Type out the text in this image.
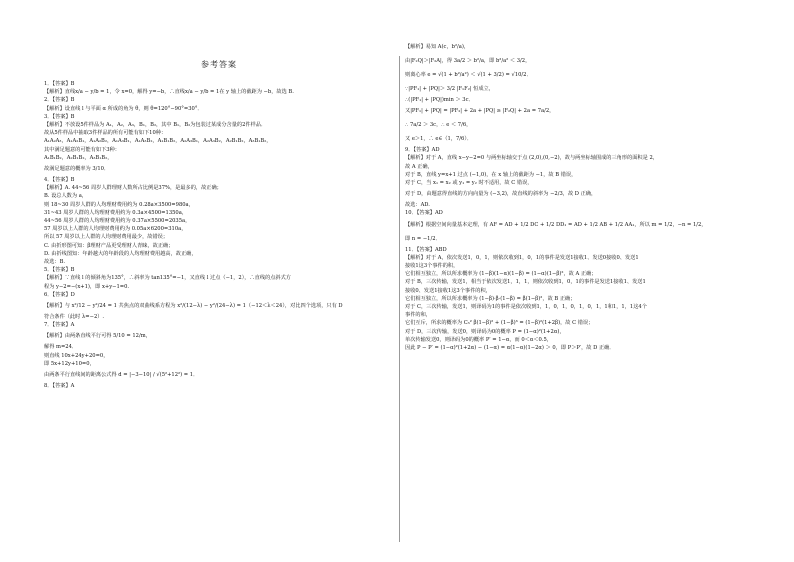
参考答案
1．【答案】B
【解析】直线x/a − y/b = 1，令 x=0，解得 y=−b，∴直线x/a − y/b = 1在 y 轴上的截距为 −b，故选 B.
2．【答案】B
【解析】设直线 l 与平面 α 所成的角为 θ，则 θ=120°−90°=30°．
3．【答案】B
【解析】不放设5件样品为 A₁，A₂，A₃，B₁，B₂，其中 B₁，B₂为包装过某成分含量的2件样品．
故从5件样品中抽取3件样品的所有可能有如下10种：
A₁A₂A₃，A₁A₂B₁，A₁A₂B₂，A₁A₃B₁，A₁A₃B₂，A₁B₁B₂，A₂A₃B₁，A₂A₃B₂，A₂B₁B₂，A₃B₁B₂，
其中满足题意的可能有如下3种：
A₁B₁B₂，A₂B₁B₂，A₃B₁B₂，
故满足题意的概率为 3/10．
4．【答案】B
【解析】A. 44~56 周岁人群理财人数所占比例是37%，是最多的，故正确；
B. 设总人数为 a，
则 18~30 周岁人群的人均理财费用约为 0.28a×3500=980a，
31~43 周岁人群的人均理财费用约为 0.3a×4500=1350a，
44~56 周岁人群的人均理财费用约为 0.37a×5500=2035a，
57 周岁以上人群的人均理财费用约为 0.05a×6200=310a，
所以 57 周岁以上人群的人均理财费用最少，故错误；
C. 由折形图可知：β理财产品更受理财人青睐，故正确；
D. 由折线图知：年龄越大的年龄段的人均理财费用越高，故正确，
故选：B.
5．【答案】B
【解析】∵直线 l 的倾斜角为135°，∴斜率为 tan135°=−1，又直线 l 过点（−1，2），∴直线的点斜式方
程为 y−2=−(x+1)，即 x+y−1=0.
6．【答案】D
【解析】与 x²/12 − y²/24 = 1 共焦点的双曲线系方程为 x²/(12−λ) − y²/(24−λ) = 1（−12＜λ＜24），对比四个选项，只有 D
符合条件（此时 λ=−2）.
7．【答案】A
【解析】由两条直线平行可得 5/10 = 12/m，
解得 m=24．
则直线 10x+24y+20=0，
即 5x+12y+10=0，
由两条平行直线间的距离公式得 d = |−3−10| / √(5²+12²) = 1．
8．【答案】A
【解析】易知 A(c，b²/a)，
由|F₂Q|＞|F₂A|，得 3a/2 ＞ b²/a，即 b²/a² ＜ 3/2，
则离心率 e = √(1 + b²/a²) ＜ √(1 + 3/2) = √10/2．
∵|PF₁| + |PQ|＞ 3/2 |F₁F₂| 恒成立，
∴(|PF₁| + |PQ|)min ＞ 3c．
又|PF₁| + |PQ| = |PF₂| + 2a + |PQ| ≥ |F₂Q| + 2a = 7a/2，
∴ 7a/2 ＞ 3c，∴ e ＜ 7/6，
又 e＞1，∴ e∈（1，7/6）．
9．【答案】AD
【解析】对于 A，直线 x−y−2=0 与两坐标轴交于点 (2,0),(0,−2)，故与两坐标轴围成的三角形的面积是 2，
故 A 正确，
对于 B，直线 y=x+1 过点 (−1,0)，在 x 轴上的截距为 −1，故 B 错误，
对于 C，当 x₁ = x₂ 或 y₁ = y₂ 时不适用，故 C 错误，
对于 D，由题意得直线的方向向量为 (−3,2)，故直线的斜率为 −2/3，故 D 正确，
故选：AD.
10．【答案】AD
【解析】根据空间向量基本定理，有 AF = AD + 1/2 DC + 1/2 DD₁ = AD + 1/2 AB + 1/2 AA₁，所以 m = 1/2，−n = 1/2，
即 n = −1/2．
11．【答案】ABD
【解析】对于 A，依次发送1，0，1，则依次收到1，0，1的事件是发送1接收1、发送0接收0、发送1
接收1这3个事件的积，
它们相互独立，所以所求概率为 (1−β)(1−α)(1−β) = (1−α)(1−β)²，故 A 正确；
对于 B，三次传输，发送1，相当于依次发送1，1，1，则依次收到1，0，1的事件是发送1接收1、发送1
接收0、发送1接收1这3个事件的积，
它们相互独立，所以所求概率为 (1−β)·β·(1−β) = β(1−β)²，故 B 正确；
对于 C，三次传输，发送1，则译码为1的事件是依次收到1，1，0，1，0，1，0，1，1和1，1，1这4个
事件的和，
它们互斥，所求的概率为 C₃² β(1−β)² + (1−β)³ = (1−β)²(1+2β)，故 C 错误；
对于 D，三次传输，发送0，则译码为0的概率 P = (1−α)²(1+2α)，
单次传输发送0，则译码为0的概率 P′ = 1−α，而 0＜α＜0.5，
因此 P − P′ = (1−α)²(1+2α) − (1−α) = α(1−α)(1−2α) ＞ 0，即 P＞P′，故 D 正确．
